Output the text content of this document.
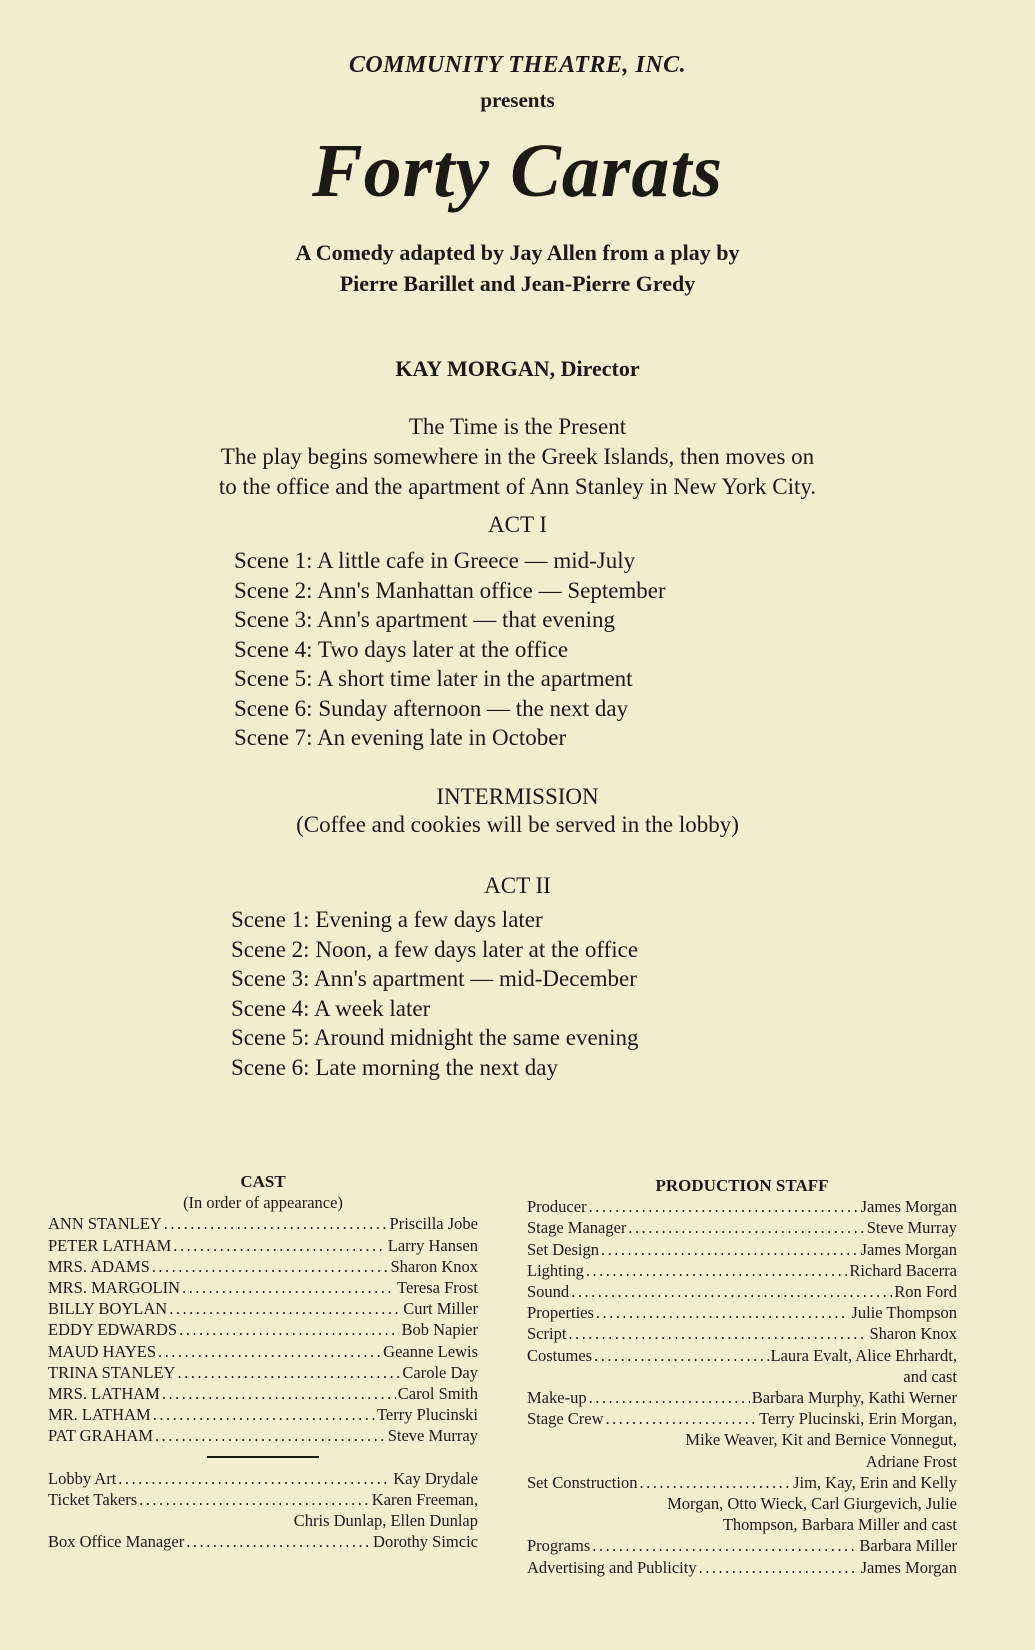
COMMUNITY THEATRE, INC.
presents
Forty Carats
A Comedy adapted by Jay Allen from a play by
Pierre Barillet and Jean-Pierre Gredy
KAY MORGAN, Director
The Time is the Present
The play begins somewhere in the Greek Islands, then moves on
to the office and the apartment of Ann Stanley in New York City.
ACT I
Scene 1: A little cafe in Greece — mid-July
Scene 2: Ann's Manhattan office — September
Scene 3: Ann's apartment — that evening
Scene 4: Two days later at the office
Scene 5: A short time later in the apartment
Scene 6: Sunday afternoon — the next day
Scene 7: An evening late in October
INTERMISSION
(Coffee and cookies will be served in the lobby)
ACT II
Scene 1: Evening a few days later
Scene 2: Noon, a few days later at the office
Scene 3: Ann's apartment — mid-December
Scene 4: A week later
Scene 5: Around midnight the same evening
Scene 6: Late morning the next day
CAST
(In order of appearance)
ANN STANLEY .....	Priscilla Jobe
PETER LATHAM .....	Larry Hansen
MRS. ADAMS .....	Sharon Knox
MRS. MARGOLIN .....	Teresa Frost
BILLY BOYLAN .....	Curt Miller
EDDY EDWARDS .....	Bob Napier
MAUD HAYES .....	Geanne Lewis
TRINA STANLEY .....	Carole Day
MRS. LATHAM .....	Carol Smith
MR. LATHAM .....	Terry Plucinski
PAT GRAHAM .....	Steve Murray
Lobby Art .....	Kay Drydale
Ticket Takers .....	Karen Freeman,
Chris Dunlap, Ellen Dunlap
Box Office Manager .....	Dorothy Simcic
PRODUCTION STAFF
Producer .....	James Morgan
Stage Manager .....	Steve Murray
Set Design .....	James Morgan
Lighting .....	Richard Bacerra
Sound .....	Ron Ford
Properties .....	Julie Thompson
Script .....	Sharon Knox
Costumes .....	Laura Evalt, Alice Ehrhardt,
and cast
Make-up .....	Barbara Murphy, Kathi Werner
Stage Crew .....	Terry Plucinski, Erin Morgan,
Mike Weaver, Kit and Bernice Vonnegut,
Adriane Frost
Set Construction .....	Jim, Kay, Erin and Kelly
Morgan, Otto Wieck, Carl Giurgevich, Julie
Thompson, Barbara Miller and cast
Programs .....	Barbara Miller
Advertising and Publicity .....	James Morgan
